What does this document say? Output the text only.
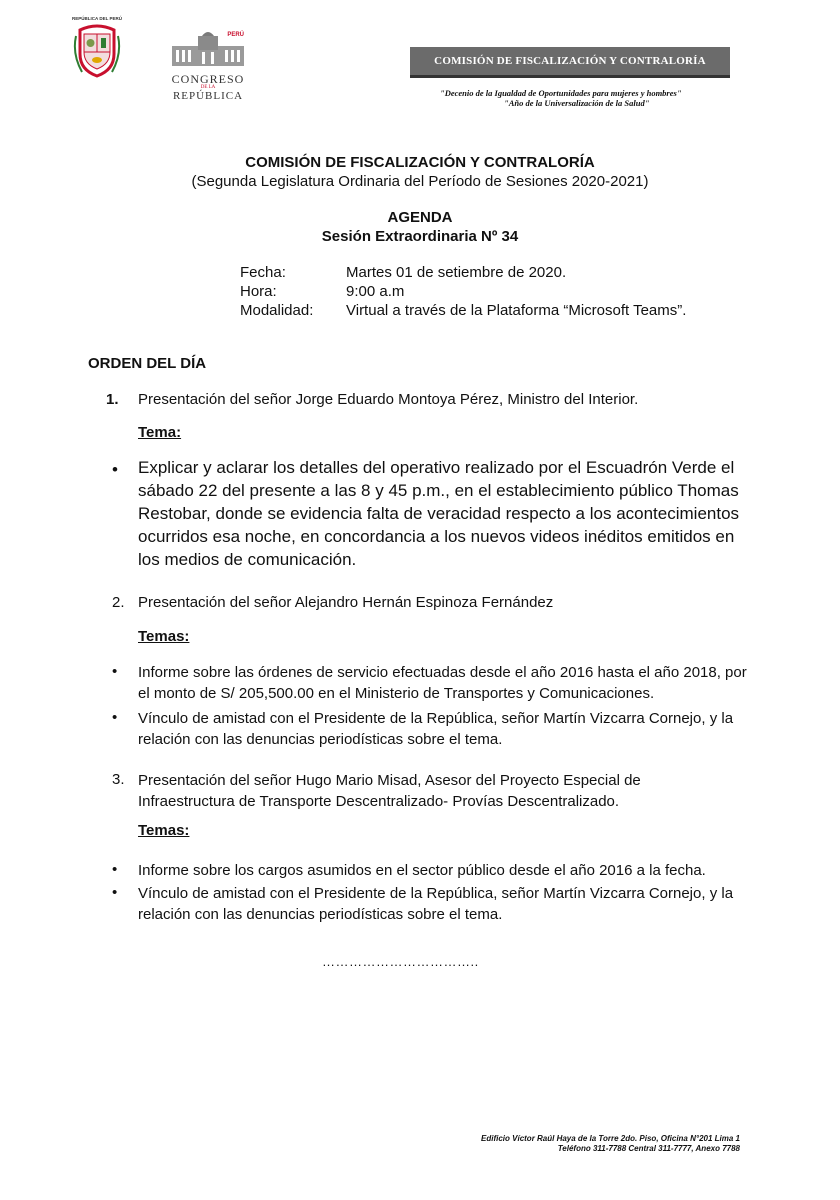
REPÚBLICA DEL PERÚ
PERÚ
CONGRESO
DE LA
REPÚBLICA
COMISIÓN DE FISCALIZACIÓN Y CONTRALORÍA
"Decenio de la Igualdad de Oportunidades para mujeres y hombres"
"Año de la Universalización de la Salud"
COMISIÓN DE FISCALIZACIÓN Y CONTRALORÍA
(Segunda Legislatura Ordinaria del Período de Sesiones 2020-2021)
AGENDA
Sesión Extraordinaria Nº 34
Fecha:	Martes 01 de setiembre de 2020.
Hora:	9:00 a.m
Modalidad: Virtual a través de la Plataforma “Microsoft Teams”.
ORDEN DEL DÍA
1. Presentación del señor Jorge Eduardo Montoya Pérez, Ministro del Interior.
Tema:
• Explicar y aclarar los detalles del operativo realizado por el Escuadrón Verde el sábado 22 del presente a las 8 y 45 p.m., en el establecimiento público Thomas Restobar, donde se evidencia falta de veracidad respecto a los acontecimientos ocurridos esa noche, en concordancia a los nuevos videos inéditos emitidos en los medios de comunicación.
2. Presentación del señor Alejandro Hernán Espinoza Fernández
Temas:
• Informe sobre las órdenes de servicio efectuadas desde el año 2016 hasta el año 2018, por el monto de S/ 205,500.00 en el Ministerio de Transportes y Comunicaciones.
• Vínculo de amistad con el Presidente de la República, señor Martín Vizcarra Cornejo, y la relación con las denuncias periodísticas sobre el tema.
3. Presentación del señor Hugo Mario Misad, Asesor del Proyecto Especial de Infraestructura de Transporte Descentralizado- Provías Descentralizado.
Temas:
• Informe sobre los cargos asumidos en el sector público desde el año 2016 a la fecha.
• Vínculo de amistad con el Presidente de la República, señor Martín Vizcarra Cornejo, y la relación con las denuncias periodísticas sobre el tema.
……………………………..
Edificio Víctor Raúl Haya de la Torre 2do. Piso, Oficina N°201 Lima 1
Teléfono 311-7788 Central 311-7777, Anexo 7788
